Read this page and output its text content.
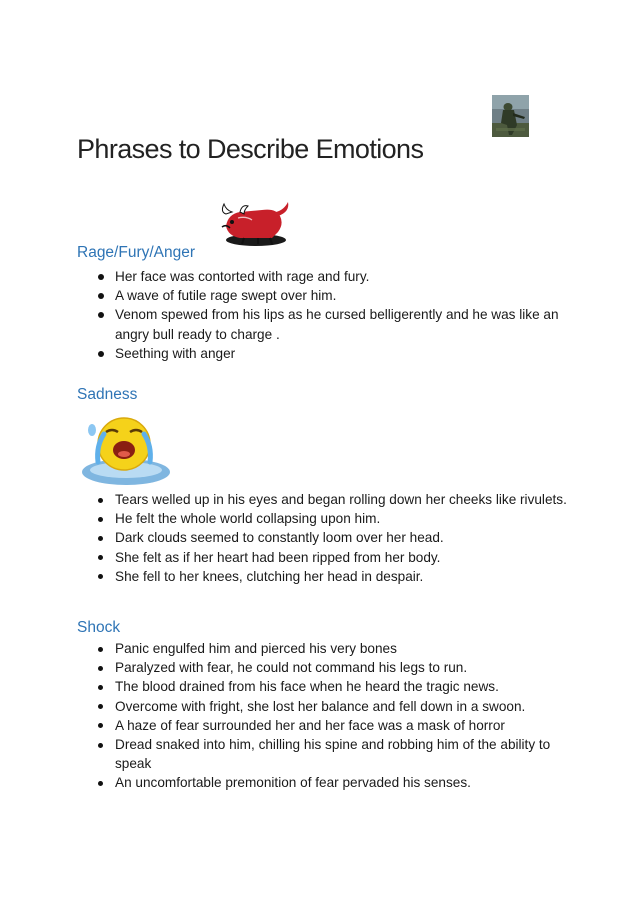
Phrases to Describe Emotions
Rage/Fury/Anger
Her face was contorted with rage and fury.
A wave of futile rage swept over him.
Venom spewed from his lips as he cursed belligerently and he was like an angry bull ready to charge .
Seething with anger
Sadness
Tears welled up in his eyes and began rolling down her cheeks like rivulets.
He felt the whole world collapsing upon him.
Dark clouds seemed to constantly loom over her head.
She felt as if her heart had been ripped from her body.
She fell to her knees, clutching her head in despair.
Shock
Panic engulfed him and pierced his very bones
Paralyzed with fear, he could not command his legs to run.
The blood drained from his face when he heard the tragic news.
Overcome with fright, she lost her balance and fell down in a swoon.
A haze of fear surrounded her and her face was a mask of horror
Dread snaked into him, chilling his spine and robbing him of the ability to speak
An uncomfortable premonition of fear pervaded his senses.
